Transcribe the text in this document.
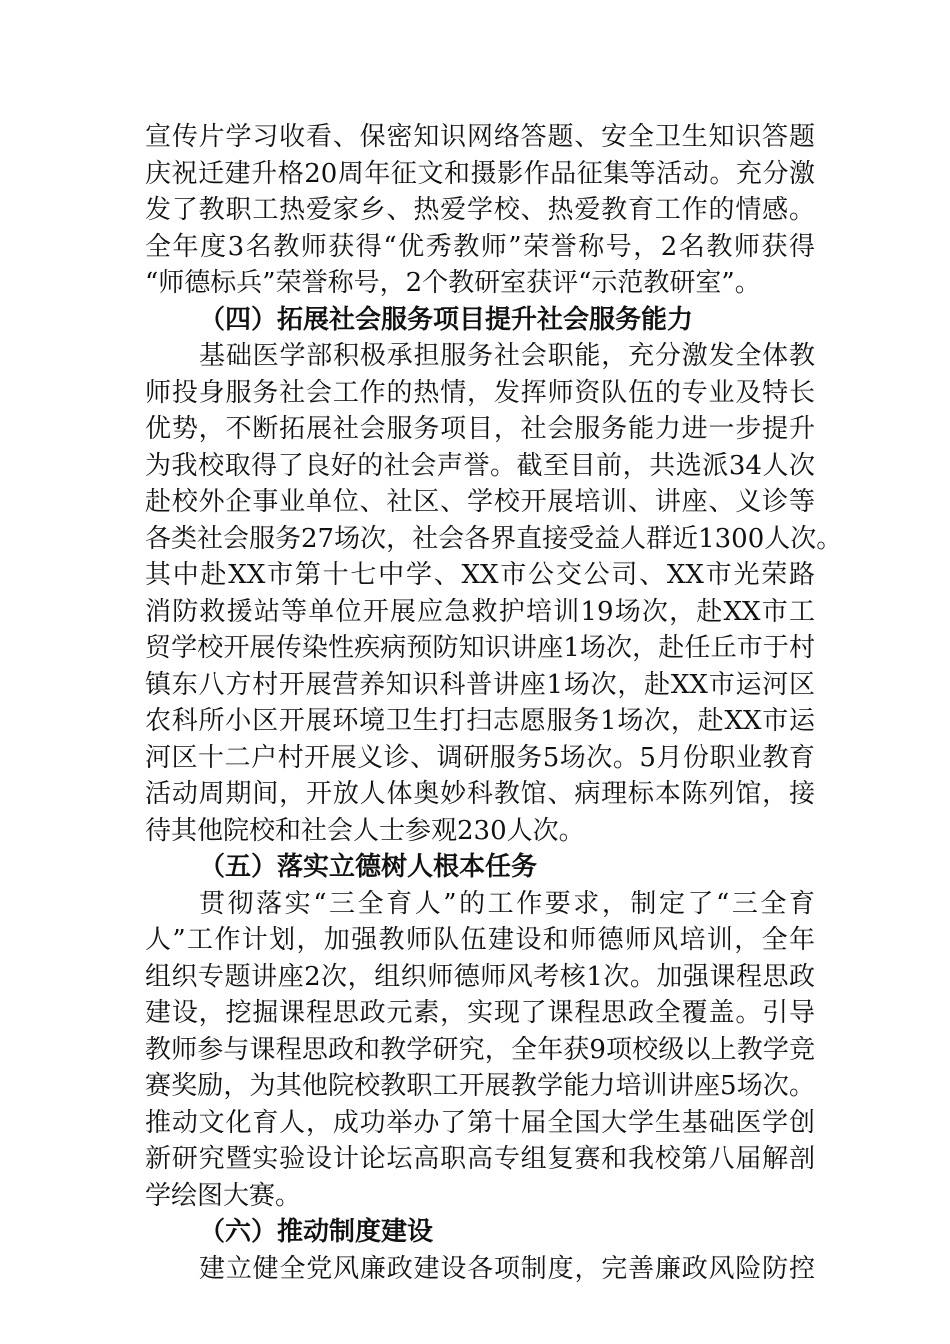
宣传片学习收看、保密知识网络答题、安全卫生知识答题
庆祝迁建升格20周年征文和摄影作品征集等活动。充分激
发了教职工热爱家乡、热爱学校、热爱教育工作的情感。
全年度3名教师获得“优秀教师”荣誉称号，2名教师获得
“师德标兵”荣誉称号，2个教研室获评“示范教研室”。
（四）拓展社会服务项目提升社会服务能力
基础医学部积极承担服务社会职能，充分激发全体教
师投身服务社会工作的热情，发挥师资队伍的专业及特长
优势，不断拓展社会服务项目，社会服务能力进一步提升
为我校取得了良好的社会声誉。截至目前，共选派34人次
赴校外企事业单位、社区、学校开展培训、讲座、义诊等
各类社会服务27场次，社会各界直接受益人群近1300人次。
其中赴XX市第十七中学、XX市公交公司、XX市光荣路
消防救援站等单位开展应急救护培训19场次，赴XX市工
贸学校开展传染性疾病预防知识讲座1场次，赴任丘市于村
镇东八方村开展营养知识科普讲座1场次，赴XX市运河区
农科所小区开展环境卫生打扫志愿服务1场次，赴XX市运
河区十二户村开展义诊、调研服务5场次。5月份职业教育
活动周期间，开放人体奥妙科教馆、病理标本陈列馆，接
待其他院校和社会人士参观230人次。
（五）落实立德树人根本任务
贯彻落实“三全育人”的工作要求，制定了“三全育
人”工作计划，加强教师队伍建设和师德师风培训，全年
组织专题讲座2次，组织师德师风考核1次。加强课程思政
建设，挖掘课程思政元素，实现了课程思政全覆盖。引导
教师参与课程思政和教学研究，全年获9项校级以上教学竞
赛奖励，为其他院校教职工开展教学能力培训讲座5场次。
推动文化育人，成功举办了第十届全国大学生基础医学创
新研究暨实验设计论坛高职高专组复赛和我校第八届解剖
学绘图大赛。
（六）推动制度建设
建立健全党风廉政建设各项制度，完善廉政风险防控
